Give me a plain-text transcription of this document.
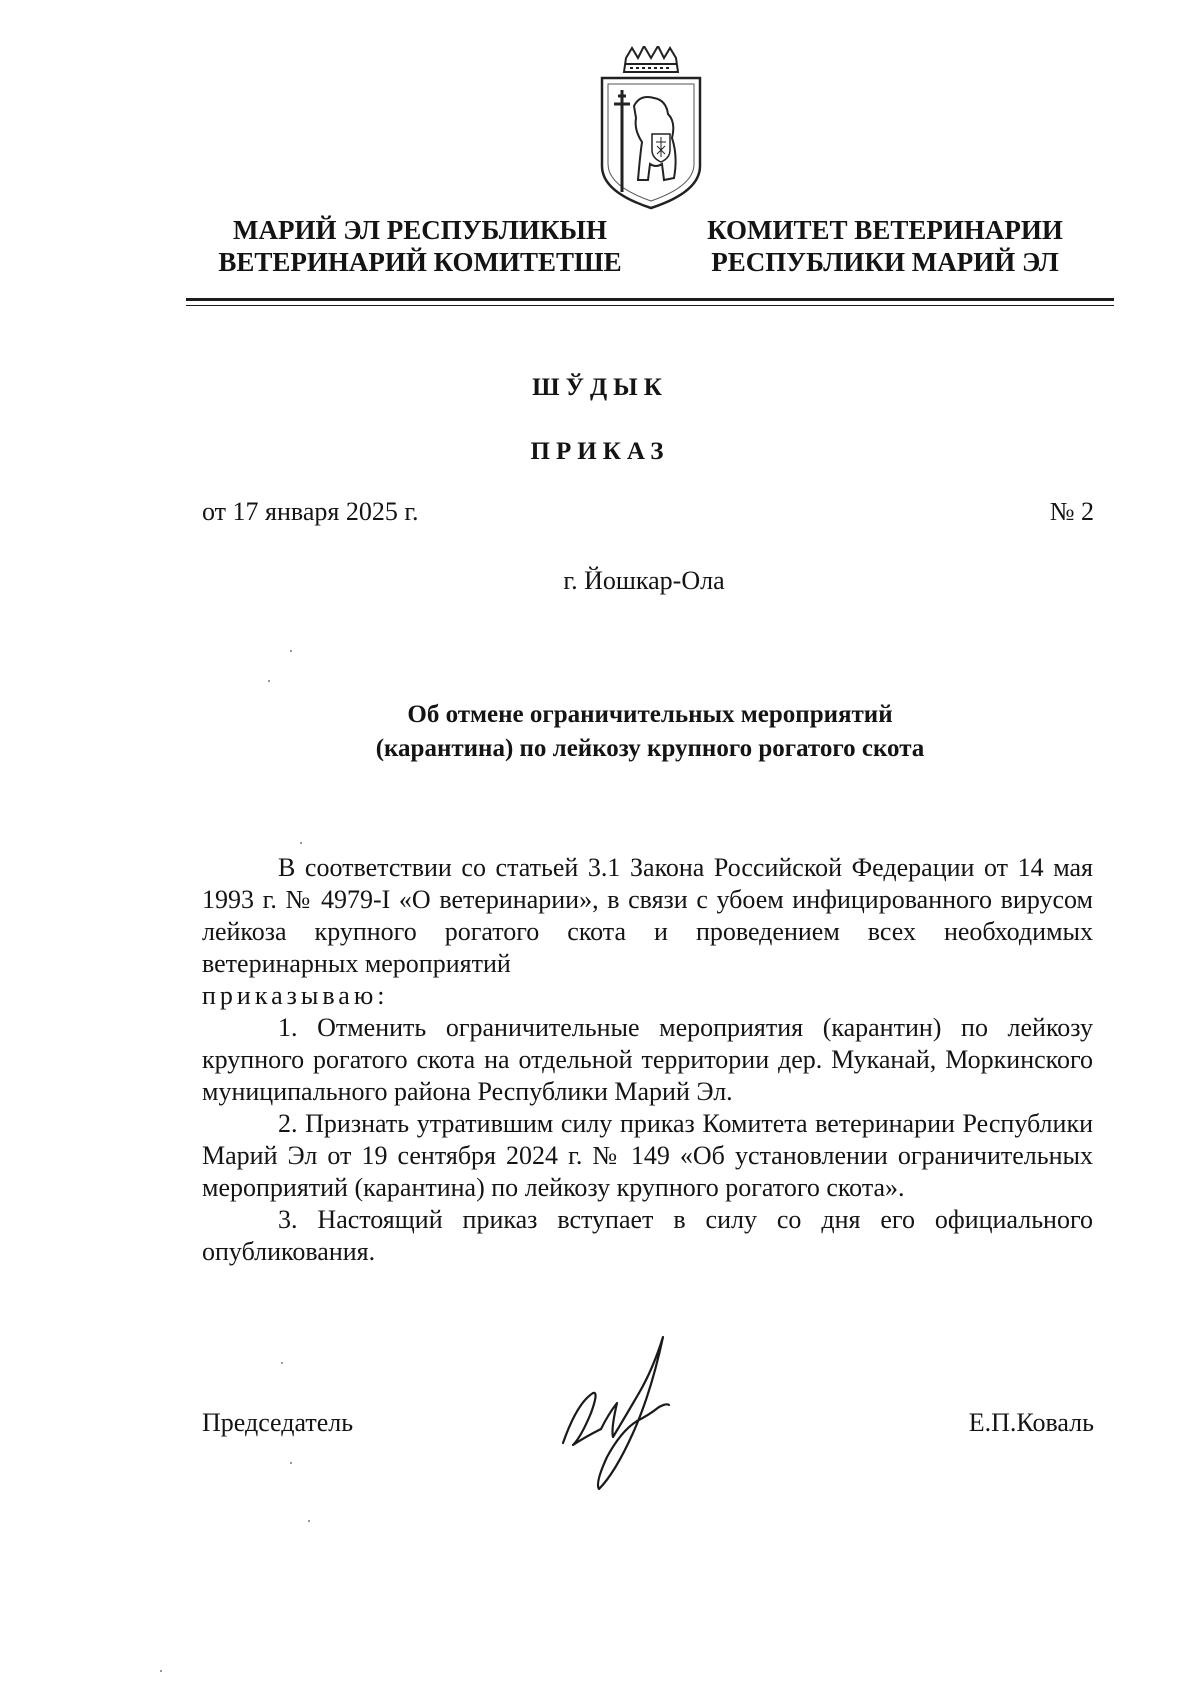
МАРИЙ ЭЛ РЕСПУБЛИКЫН
ВЕТЕРИНАРИЙ КОМИТЕТШЕ
КОМИТЕТ ВЕТЕРИНАРИИ
РЕСПУБЛИКИ МАРИЙ ЭЛ
ШЎДЫК
ПРИКАЗ
от 17 января 2025 г.	№ 2
г. Йошкар-Ола
Об отмене ограничительных мероприятий
(карантина) по лейкозу крупного рогатого скота

В соответствии со статьей 3.1 Закона Российской Федерации от 14 мая 1993 г. № 4979-I «О ветеринарии», в связи с убоем инфицированного вирусом лейкоза крупного рогатого скота и проведением всех необходимых ветеринарных мероприятий

приказываю:

1. Отменить ограничительные мероприятия (карантин) по лейкозу крупного рогатого скота на отдельной территории дер. Муканай, Моркинского муниципального района Республики Марий Эл.

2. Признать утратившим силу приказ Комитета ветеринарии Республики Марий Эл от 19 сентября 2024 г. № 149 «Об установлении ограничительных мероприятий (карантина) по лейкозу крупного рогатого скота».

3. Настоящий приказ вступает в силу со дня его официального опубликования.

Председатель	Е.П.Коваль
